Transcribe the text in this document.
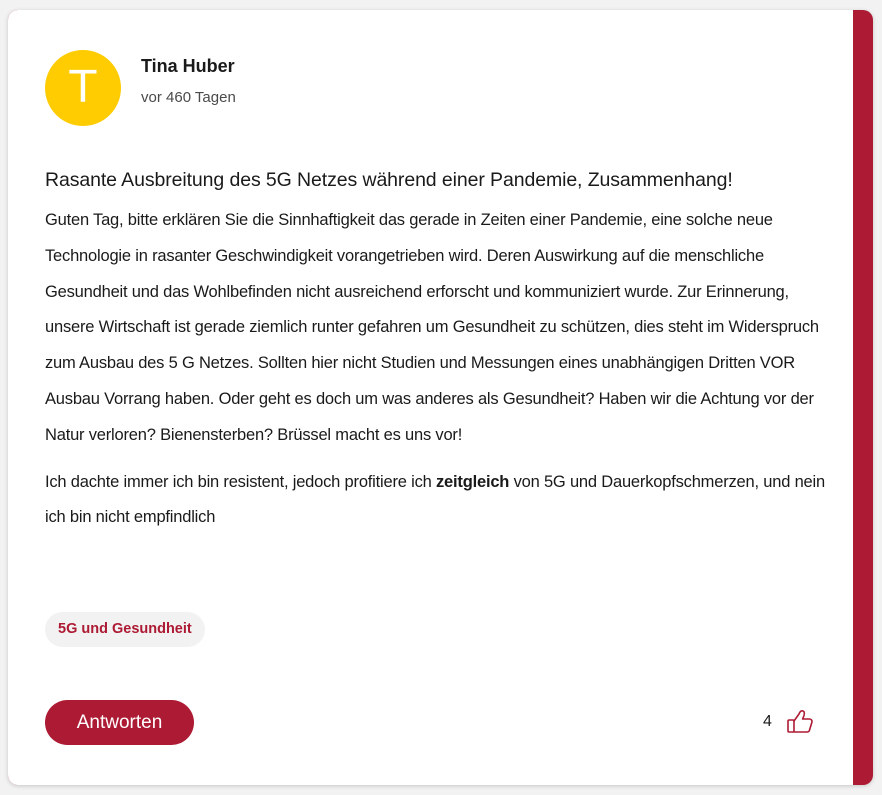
T	Tina Huber
vor 460 Tagen
Rasante Ausbreitung des 5G Netzes während einer Pandemie, Zusammenhang!

Guten Tag, bitte erklären Sie die Sinnhaftigkeit das gerade in Zeiten einer Pandemie, eine solche neue Technologie in rasanter Geschwindigkeit vorangetrieben wird. Deren Auswirkung auf die menschliche Gesundheit und das Wohlbefinden nicht ausreichend erforscht und kommuniziert wurde. Zur Erinnerung, unsere Wirtschaft ist gerade ziemlich runter gefahren um Gesundheit zu schützen, dies steht im Widerspruch zum Ausbau des 5 G Netzes. Sollten hier nicht Studien und Messungen eines unabhängigen Dritten VOR Ausbau Vorrang haben. Oder geht es doch um was anderes als Gesundheit? Haben wir die Achtung vor der Natur verloren? Bienensterben? Brüssel macht es uns vor!

Ich dachte immer ich bin resistent, jedoch profitiere ich zeitgleich von 5G und Dauerkopfschmerzen, und nein ich bin nicht empfindlich

5G und Gesundheit
Antworten	4
